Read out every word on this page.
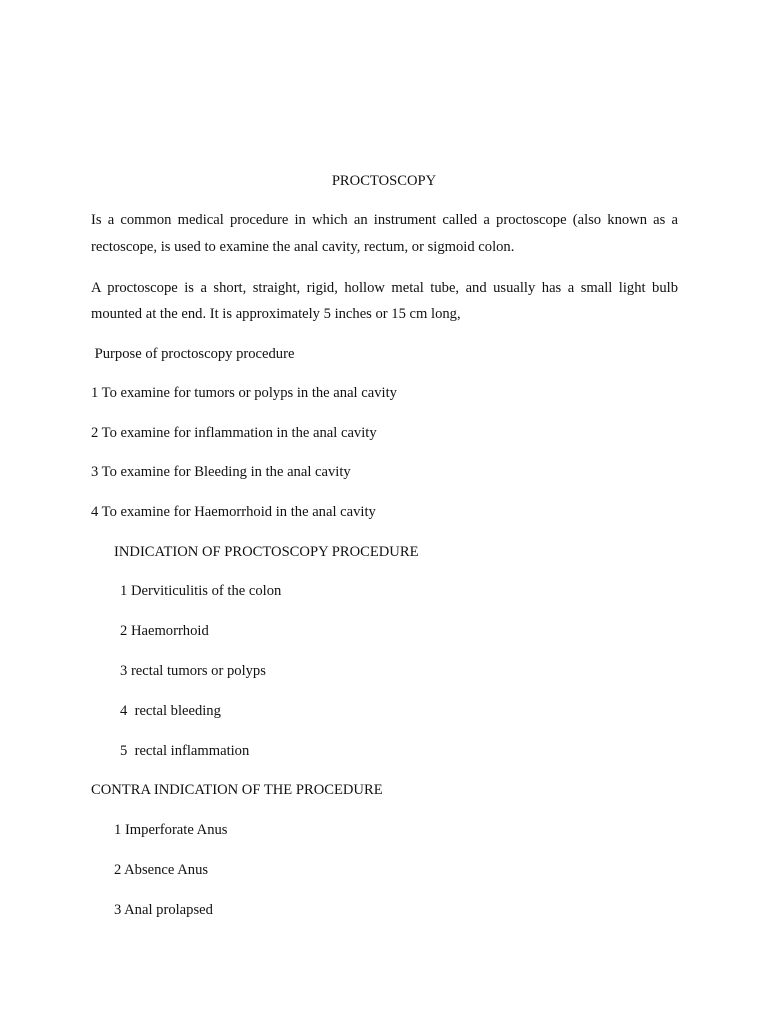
PROCTOSCOPY
Is a common medical procedure in which an instrument called a proctoscope (also known as a
rectoscope, is used to examine the anal cavity, rectum, or sigmoid colon.
A proctoscope is a short, straight, rigid, hollow metal tube, and usually has a small light bulb
mounted at the end. It is approximately 5 inches or 15 cm long,
Purpose of proctoscopy procedure
1 To examine for tumors or polyps in the anal cavity
2 To examine for inflammation in the anal cavity
3 To examine for Bleeding in the anal cavity
4 To examine for Haemorrhoid in the anal cavity
INDICATION OF PROCTOSCOPY PROCEDURE
1 Derviticulitis of the colon
2 Haemorrhoid
3 rectal tumors or polyps
4  rectal bleeding
5  rectal inflammation
CONTRA INDICATION OF THE PROCEDURE
1 Imperforate Anus
2 Absence Anus
3 Anal prolapsed
